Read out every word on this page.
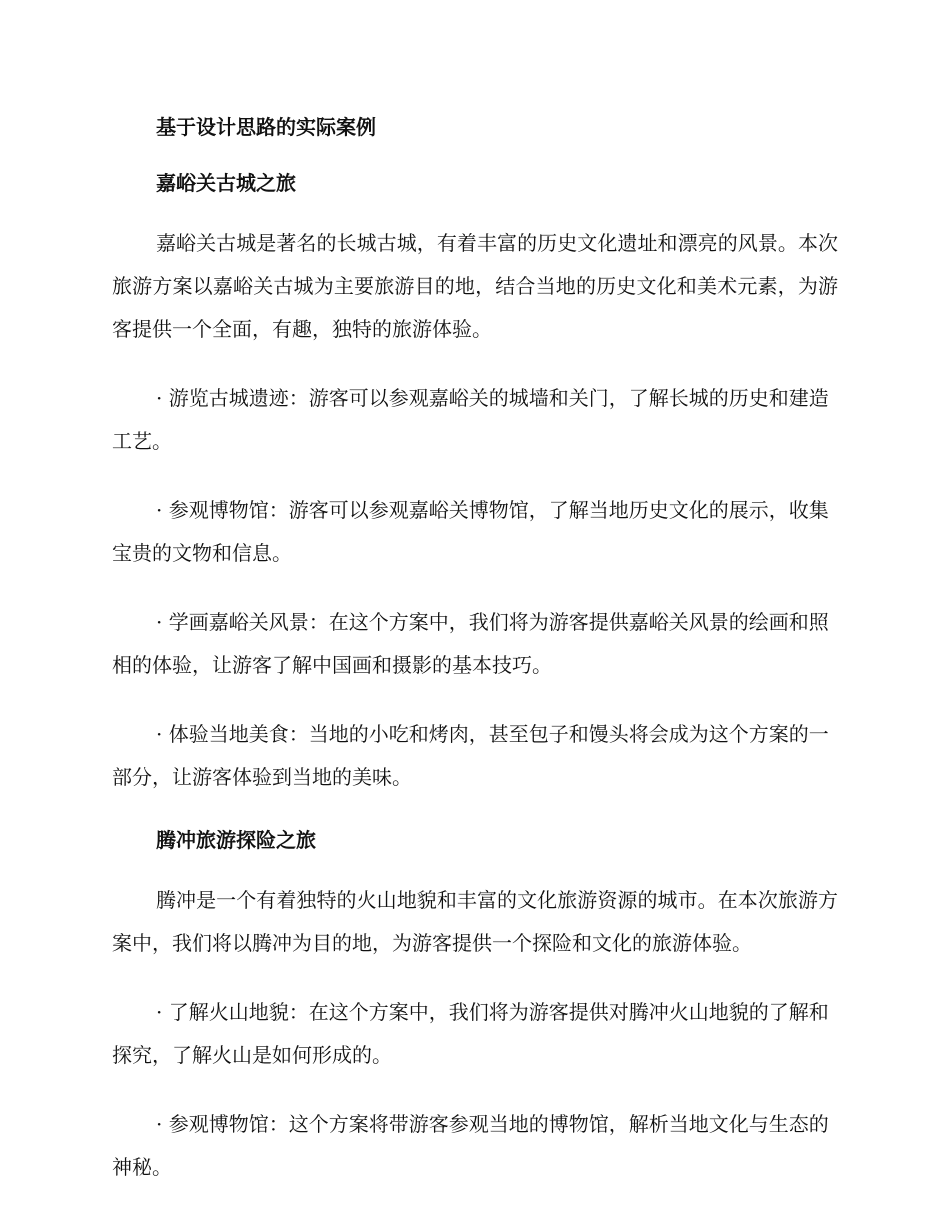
基于设计思路的实际案例
嘉峪关古城之旅

嘉峪关古城是著名的长城古城，有着丰富的历史文化遗址和漂亮的风景。本次旅游方案以嘉峪关古城为主要旅游目的地，结合当地的历史文化和美术元素，为游客提供一个全面，有趣，独特的旅游体验。

· 游览古城遗迹：游客可以参观嘉峪关的城墙和关门，了解长城的历史和建造工艺。

· 参观博物馆：游客可以参观嘉峪关博物馆，了解当地历史文化的展示，收集宝贵的文物和信息。

· 学画嘉峪关风景：在这个方案中，我们将为游客提供嘉峪关风景的绘画和照相的体验，让游客了解中国画和摄影的基本技巧。

· 体验当地美食：当地的小吃和烤肉，甚至包子和馒头将会成为这个方案的一部分，让游客体验到当地的美味。

腾冲旅游探险之旅

腾冲是一个有着独特的火山地貌和丰富的文化旅游资源的城市。在本次旅游方案中，我们将以腾冲为目的地，为游客提供一个探险和文化的旅游体验。

· 了解火山地貌：在这个方案中，我们将为游客提供对腾冲火山地貌的了解和探究，了解火山是如何形成的。

· 参观博物馆：这个方案将带游客参观当地的博物馆，解析当地文化与生态的神秘。
